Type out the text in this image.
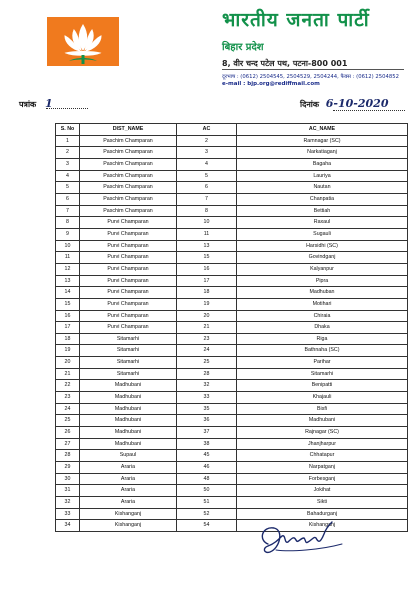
भारतीय जनता पार्टी
बिहार प्रदेश
8, वीर चन्द पटेल पथ, पटना-800 001
दूरभाष : (0612) 2504545, 2504529, 2504244, फैक्स : (0612) 2504852
e-mail : bjp.org@rediffmail.com
पत्रांक 1	दिनांक 6-10-2020
S. No	DIST_NAME	AC	AC_NAME
1	Paschim Champaran	2	Ramnagar (SC)
2	Paschim Champaran	3	Narkatiaganj
3	Paschim Champaran	4	Bagaha
4	Paschim Champaran	5	Lauriya
5	Paschim Champaran	6	Nautan
6	Paschim Champaran	7	Chanpatia
7	Paschim Champaran	8	Bettiah
8	Purvi Champaran	10	Raxaul
9	Purvi Champaran	11	Sugauli
10	Purvi Champaran	13	Harsidhi (SC)
11	Purvi Champaran	15	Govindganj
12	Purvi Champaran	16	Kalyanpur
13	Purvi Champaran	17	Pipra
14	Purvi Champaran	18	Madhuban
15	Purvi Champaran	19	Motihari
16	Purvi Champaran	20	Chiraia
17	Purvi Champaran	21	Dhaka
18	Sitamarhi	23	Riga
19	Sitamarhi	24	Bathnaha (SC)
20	Sitamarhi	25	Parihar
21	Sitamarhi	28	Sitamarhi
22	Madhubani	32	Benipatti
23	Madhubani	33	Khajauli
24	Madhubani	35	Bisfi
25	Madhubani	36	Madhubani
26	Madhubani	37	Rajnagar (SC)
27	Madhubani	38	Jhanjharpur
28	Supaul	45	Chhatapur
29	Araria	46	Narpatganj
30	Araria	48	Forbesganj
31	Araria	50	Jokihat
32	Araria	51	Sikti
33	Kishanganj	52	Bahadurganj
34	Kishanganj	54	Kishanganj
